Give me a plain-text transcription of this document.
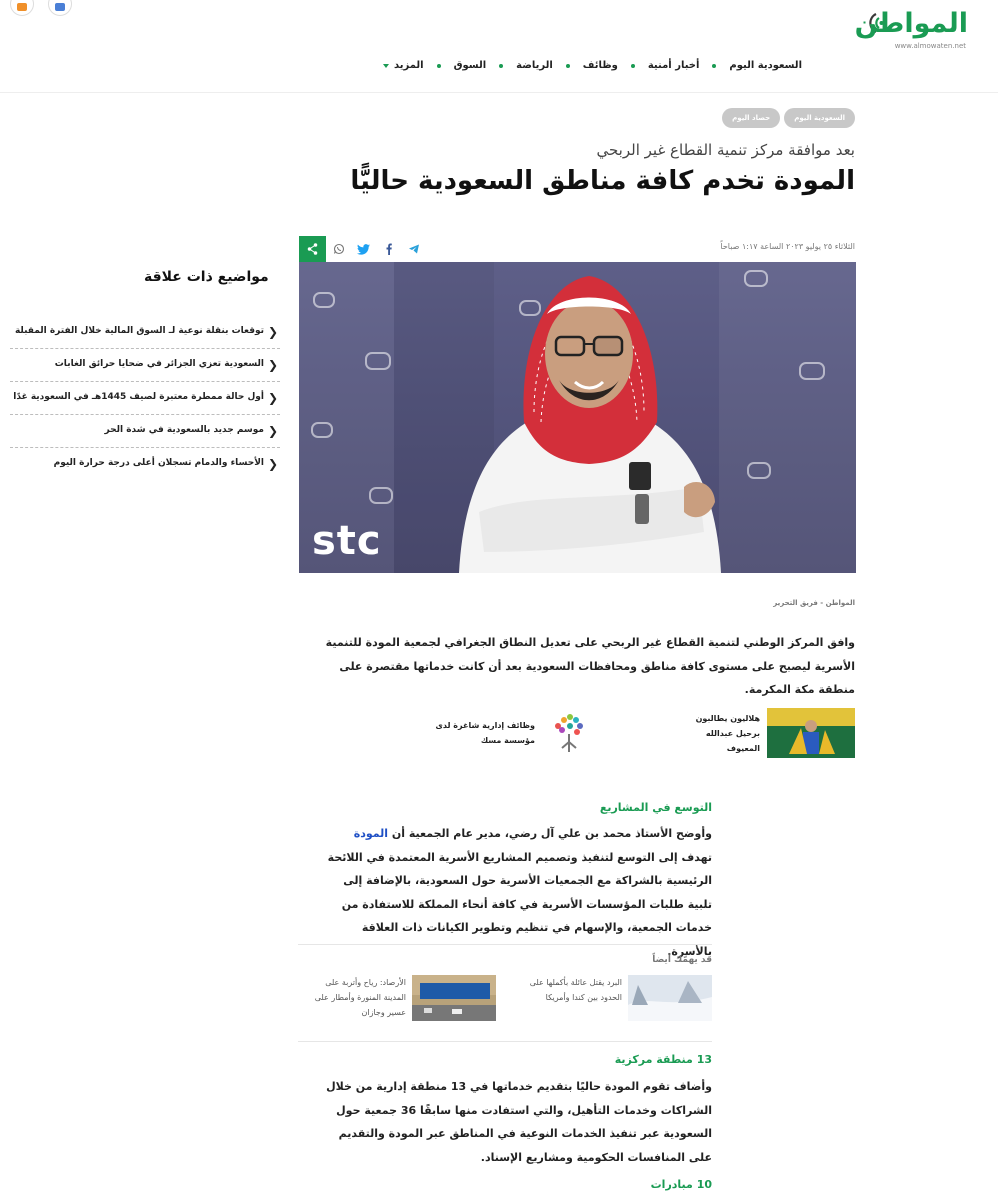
المواطن
www.almowaten.net
السعودية اليوم
أخبار أمنية
وظائف
الرياضة
السوق
المزيد
السعودية اليوم
حصاد اليوم
بعد موافقة مركز تنمية القطاع غير الربحي
المودة تخدم كافة مناطق السعودية حاليًّا
الثلاثاء ٢٥ يوليو ٢٠٢٣ الساعة ١:١٧ صباحاً
stc
المواطن - فريق التحرير

وافق المركز الوطني لتنمية القطاع غير الربحي على تعديل النطاق الجغرافي لجمعية المودة للتنمية الأسرية ليصبح على مستوى كافة مناطق ومحافظات السعودية بعد أن كانت خدماتها مقتصرة على منطقة مكة المكرمة.

هلاليون يطالبون برحيل عبدالله المعيوف
وظائف إدارية شاغرة لدى مؤسسة مسك
التوسع في المشاريع

وأوضح الأستاذ محمد بن علي آل رضي، مدير عام الجمعية أن المودة تهدف إلى التوسع لتنفيذ وتصميم المشاريع الأسرية المعتمدة في اللائحة الرئيسية بالشراكة مع الجمعيات الأسرية حول السعودية، بالإضافة إلى تلبية طلبات المؤسسات الأسرية في كافة أنحاء المملكة للاستفادة من خدمات الجمعية، والإسهام في تنظيم وتطوير الكيانات ذات العلاقة بالأسرة.

قد يهمّك أيضاً
البرد يقتل عائلة بأكملها على الحدود بين كندا وأمريكا
الأرصاد: رياح وأتربة على المدينة المنورة وأمطار على عسير وجازان
13 منطقة مركزية

وأضاف تقوم المودة حاليًا بتقديم خدماتها في 13 منطقة إدارية من خلال الشراكات وخدمات التأهيل، والتي استفادت منها سابقًا 36 جمعية حول السعودية عبر تنفيذ الخدمات النوعية في المناطق عبر المودة والتقديم على المنافسات الحكومية ومشاريع الإسناد.

10 مبادرات
مواضيع ذات علاقة
❮
توقعات بنقلة نوعية لـ السوق المالية خلال الفترة المقبلة
❮
السعودية تعزي الجزائر في ضحايا حرائق الغابات
❮
أول حالة ممطرة معتبرة لصيف 1445هـ في السعودية غدًا
❮
موسم جديد بالسعودية في شدة الحر
❮
الأحساء والدمام تسجلان أعلى درجة حرارة اليوم
